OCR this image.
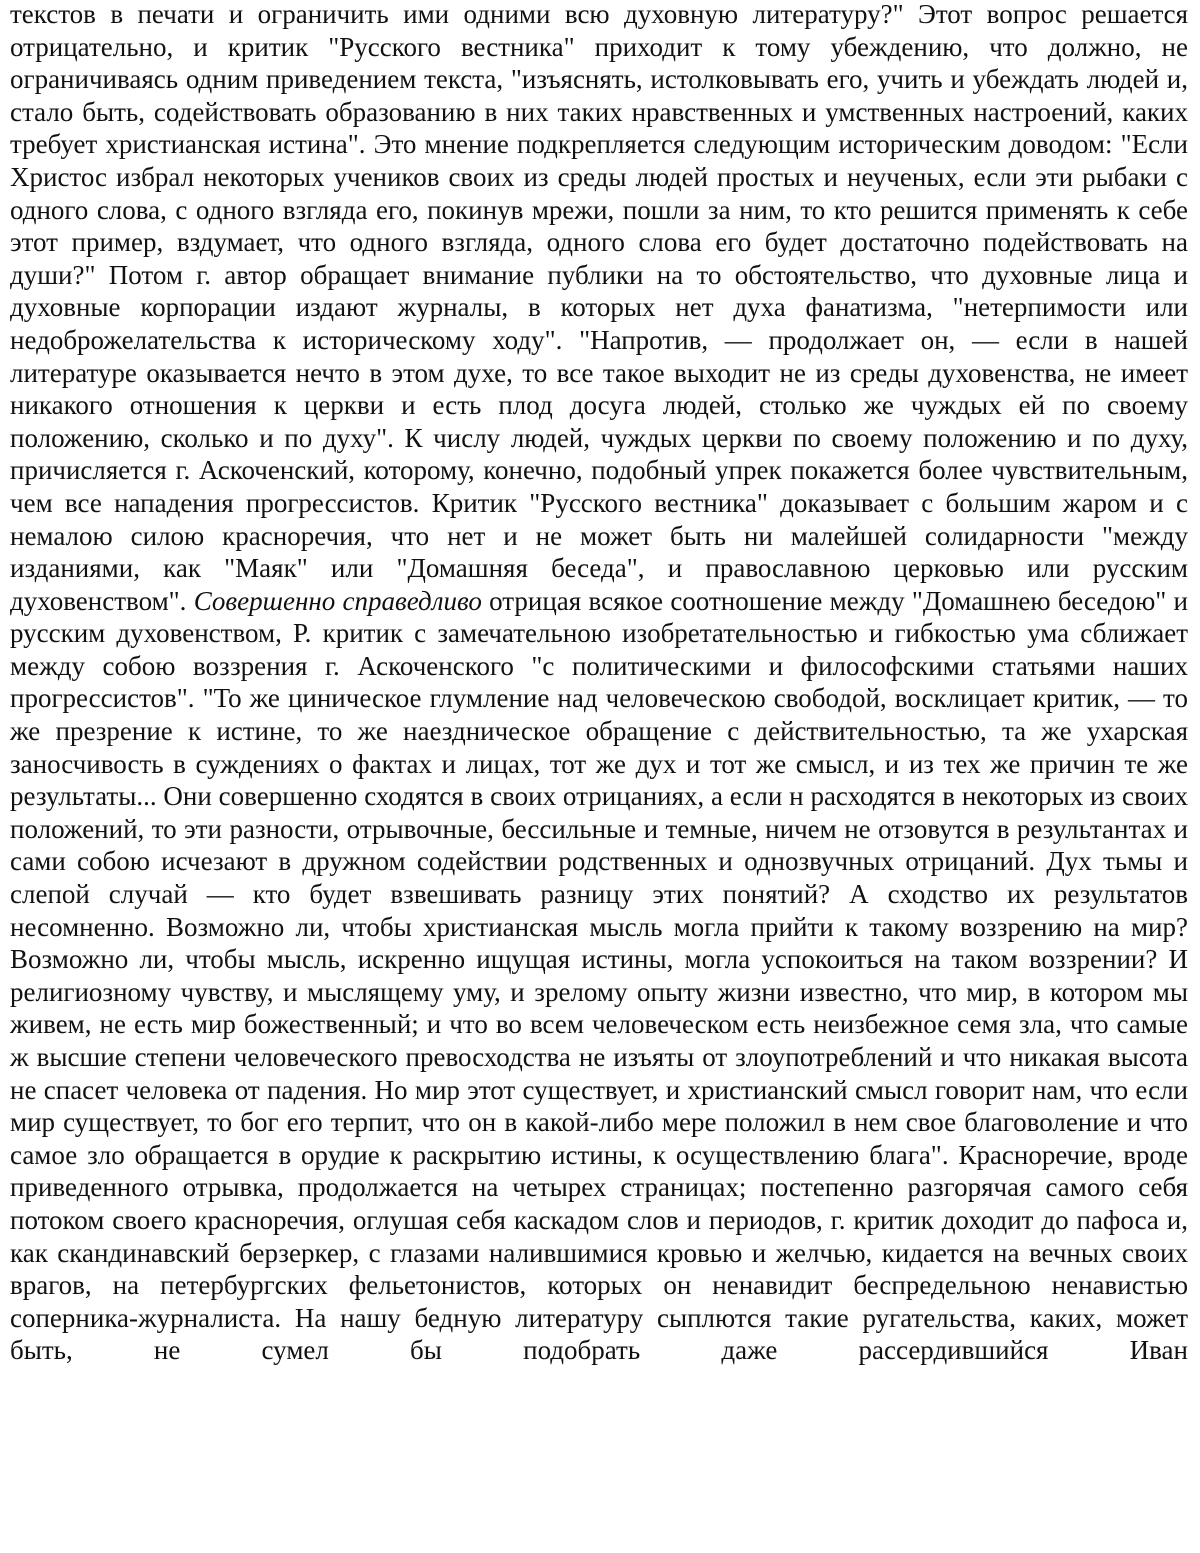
текстов в печати и ограничить ими одними всю духовную литературу?" Этот вопрос решается отрицательно, и критик "Русского вестника" приходит к тому убеждению, что должно, не ограничиваясь одним приведением текста, "изъяснять, истолковывать его, учить и убеждать людей и, стало быть, содействовать образованию в них таких нравственных и умственных настроений, каких требует христианская истина". Это мнение подкрепляется следующим историческим доводом: "Если Христос избрал некоторых учеников своих из среды людей простых и неученых, если эти рыбаки с одного слова, с одного взгляда его, покинув мрежи, пошли за ним, то кто решится применять к себе этот пример, вздумает, что одного взгляда, одного слова его будет достаточно подействовать на души?" Потом г. автор обращает внимание публики на то обстоятельство, что духовные лица и духовные корпорации издают журналы, в которых нет духа фанатизма, "нетерпимости или недоброжелательства к историческому ходу". "Напротив, — продолжает он, — если в нашей литературе оказывается нечто в этом духе, то все такое выходит не из среды духовенства, не имеет никакого отношения к церкви и есть плод досуга людей, столько же чуждых ей по своему положению, сколько и по духу". К числу людей, чуждых церкви по своему положению и по духу, причисляется г. Аскоченский, которому, конечно, подобный упрек покажется более чувствительным, чем все нападения прогрессистов. Критик "Русского вестника" доказывает с большим жаром и с немалою силою красноречия, что нет и не может быть ни малейшей солидарности "между изданиями, как "Маяк" или "Домашняя беседа", и православною церковью или русским духовенством". Совершенно справедливо отрицая всякое соотношение между "Домашнею беседою" и русским духовенством, Р. критик с замечательною изобретательностью и гибкостью ума сближает между собою воззрения г. Аскоченского "с политическими и философскими статьями наших прогрессистов". "То же циническое глумление над человеческою свободой, восклицает критик, — то же презрение к истине, то же наездническое обращение с действительностью, та же ухарская заносчивость в суждениях о фактах и лицах, тот же дух и тот же смысл, и из тех же причин те же результаты... Они совершенно сходятся в своих отрицаниях, а если н расходятся в некоторых из своих положений, то эти разности, отрывочные, бессильные и темные, ничем не отзовутся в результантах и сами собою исчезают в дружном содействии родственных и однозвучных отрицаний. Дух тьмы и слепой случай — кто будет взвешивать разницу этих понятий? А сходство их результатов несомненно. Возможно ли, чтобы христианская мысль могла прийти к такому воззрению на мир? Возможно ли, чтобы мысль, искренно ищущая истины, могла успокоиться на таком воззрении? И религиозному чувству, и мыслящему уму, и зрелому опыту жизни известно, что мир, в котором мы живем, не есть мир божественный; и что во всем человеческом есть неизбежное семя зла, что самые ж высшие степени человеческого превосходства не изъяты от злоупотреблений и что никакая высота не спасет человека от падения. Но мир этот существует, и христианский смысл говорит нам, что если мир существует, то бог его терпит, что он в какой-либо мере положил в нем свое благоволение и что самое зло обращается в орудие к раскрытию истины, к осуществлению блага". Красноречие, вроде приведенного отрывка, продолжается на четырех страницах; постепенно разгорячая самого себя потоком своего красноречия, оглушая себя каскадом слов и периодов, г. критик доходит до пафоса и, как скандинавский берзеркер, с глазами налившимися кровью и желчью, кидается на вечных своих врагов, на петербургских фельетонистов, которых он ненавидит беспредельною ненавистью соперника-журналиста. На нашу бедную литературу сыплются такие ругательства, каких, может быть, не сумел бы подобрать даже рассердившийся Иван
